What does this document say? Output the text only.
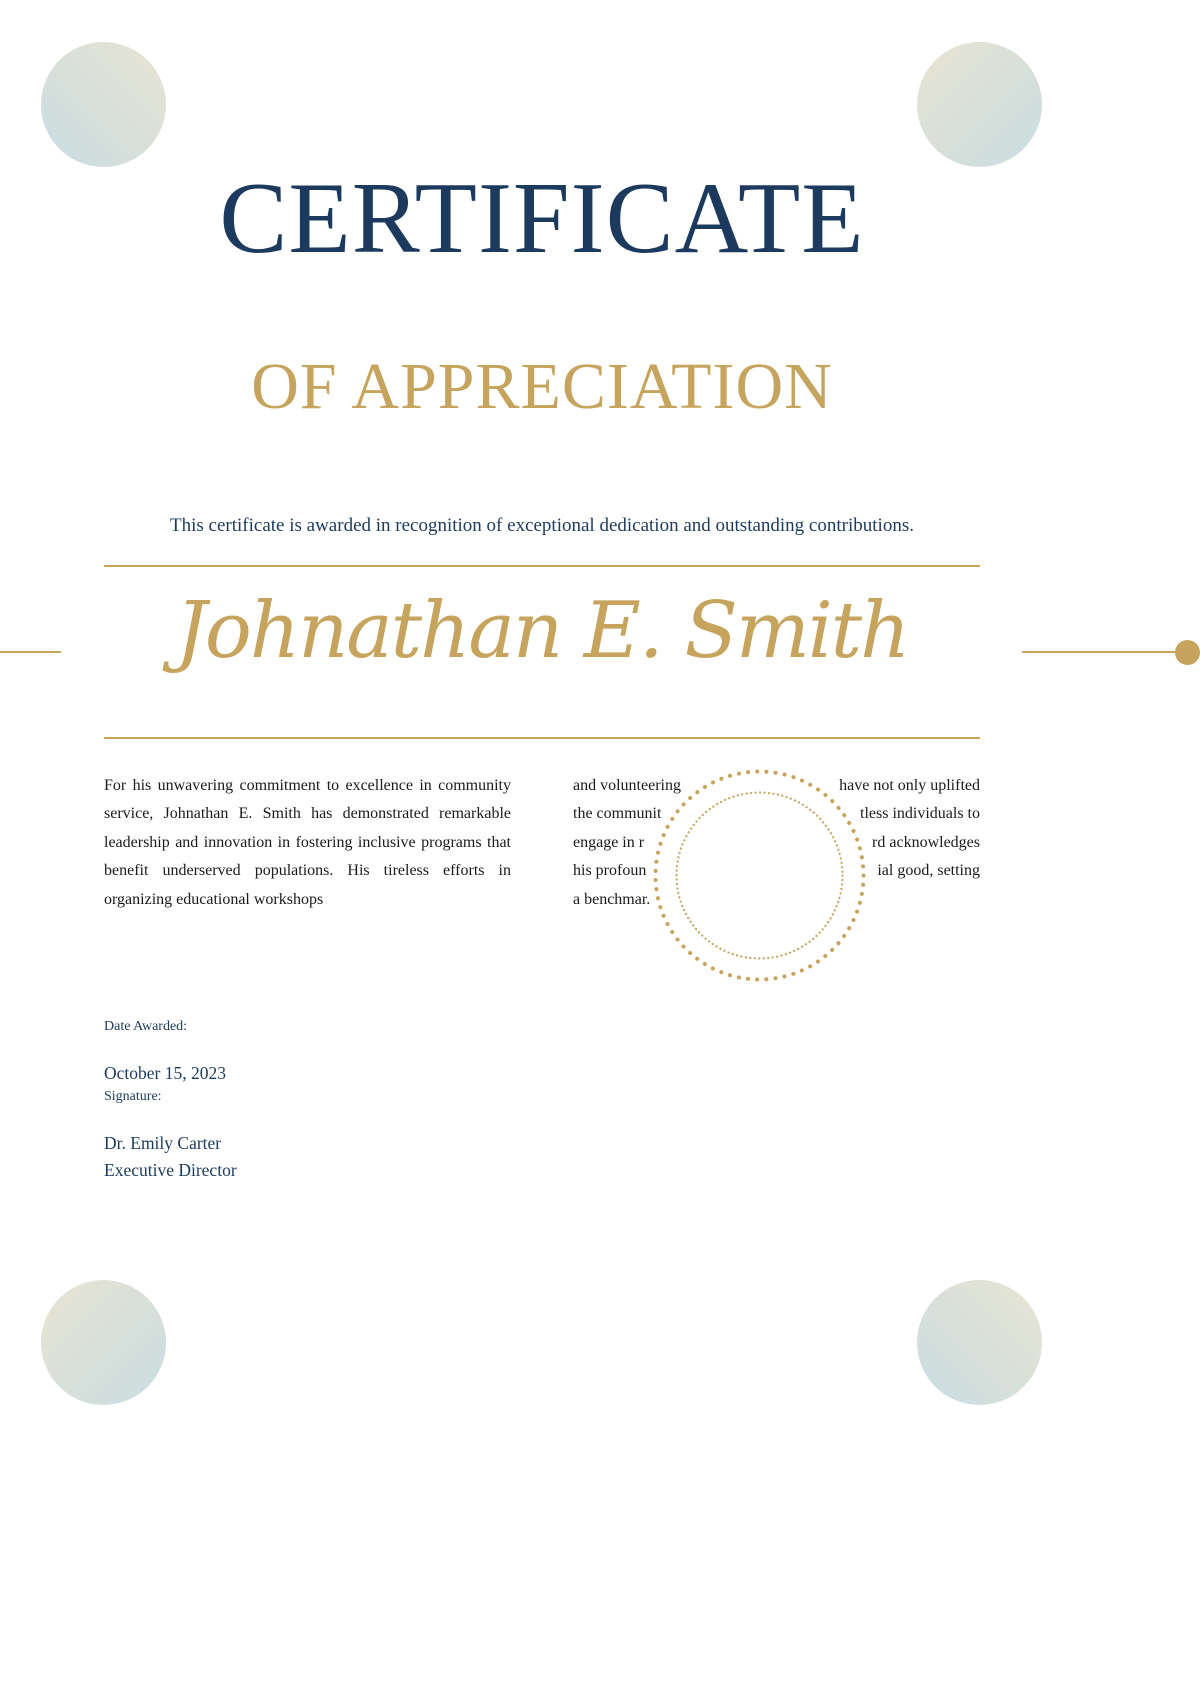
CERTIFICATE
OF APPRECIATION
This certificate is awarded in recognition of exceptional dedication and outstanding contributions.
Johnathan E. Smith

For his unwavering commitment to excellence in community service, Johnathan E. Smith has demonstrated remarkable leadership and innovation in fostering inclusive programs that benefit underserved populations. His tireless efforts in organizing educational workshops

and volunteering	have not only uplifted
the communit	tless individuals to
engage in r	rd acknowledges
his profoun	ial good, setting
a benchmar.
Date Awarded:
October 15, 2023
Signature:
Dr. Emily Carter
Executive Director
